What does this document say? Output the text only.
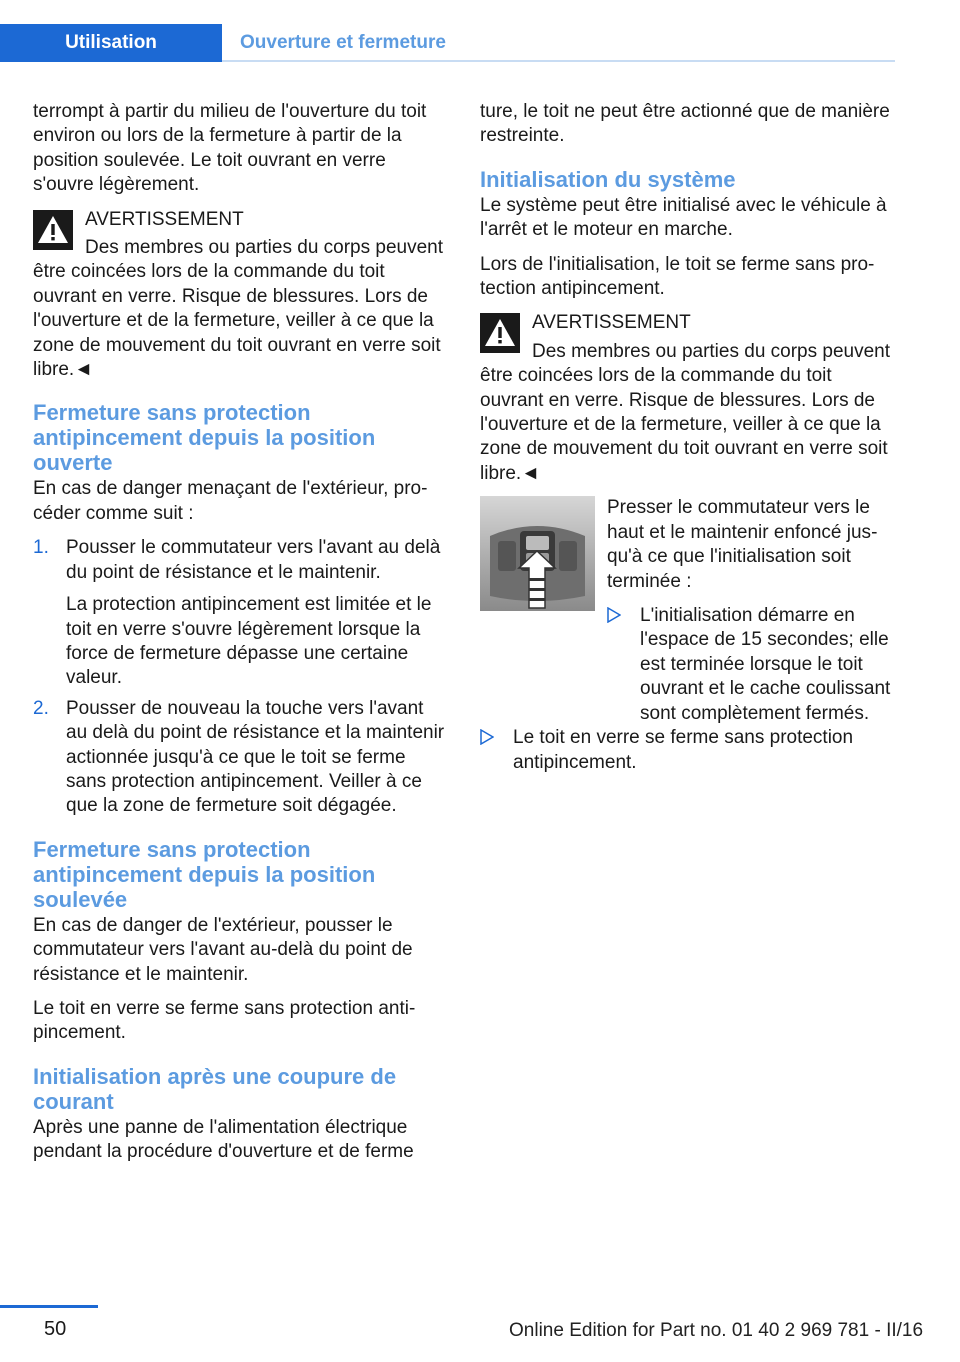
Utilisation	Ouverture et fermeture

terrompt à partir du milieu de l'ouverture du toit environ ou lors de la fermeture à partir de la position soulevée. Le toit ouvrant en verre s'ouvre légèrement.

AVERTISSEMENT
Des membres ou parties du corps peuvent être coincées lors de la commande du toit ouvrant en verre. Risque de blessures. Lors de l'ouverture et de la fermeture, veiller à ce que la zone de mouvement du toit ouvrant en verre soit libre.◄
Fermeture sans protection antipincement depuis la position ouverte

En cas de danger menaçant de l'extérieur, procéder comme suit :

1. Pousser le commutateur vers l'avant au delà du point de résistance et le maintenir.
La protection antipincement est limitée et le toit en verre s'ouvre légèrement lorsque la force de fermeture dépasse une certaine valeur.
2. Pousser de nouveau la touche vers l'avant au delà du point de résistance et la maintenir actionnée jusqu'à ce que le toit se ferme sans protection antipincement. Veiller à ce que la zone de fermeture soit dégagée.
Fermeture sans protection antipincement depuis la position soulevée

En cas de danger de l'extérieur, pousser le commutateur vers l'avant au-delà du point de résistance et le maintenir.

Le toit en verre se ferme sans protection antipincement.

Initialisation après une coupure de courant

Après une panne de l'alimentation électrique pendant la procédure d'ouverture et de ferme

ture, le toit ne peut être actionné que de manière restreinte.

Initialisation du système

Le système peut être initialisé avec le véhicule à l'arrêt et le moteur en marche.

Lors de l'initialisation, le toit se ferme sans protection antipincement.

AVERTISSEMENT
Des membres ou parties du corps peuvent être coincées lors de la commande du toit ouvrant en verre. Risque de blessures. Lors de l'ouverture et de la fermeture, veiller à ce que la zone de mouvement du toit ouvrant en verre soit libre.◄

Presser le commutateur vers le haut et le maintenir enfoncé jusqu'à ce que l'initialisation soit terminée :

L'initialisation démarre en l'espace de 15 secondes; elle est terminée lorsque le toit ouvrant et le cache coulissant sont complètement fermés.
Le toit en verre se ferme sans protection antipincement.
50	Online Edition for Part no. 01 40 2 969 781 - II/16
